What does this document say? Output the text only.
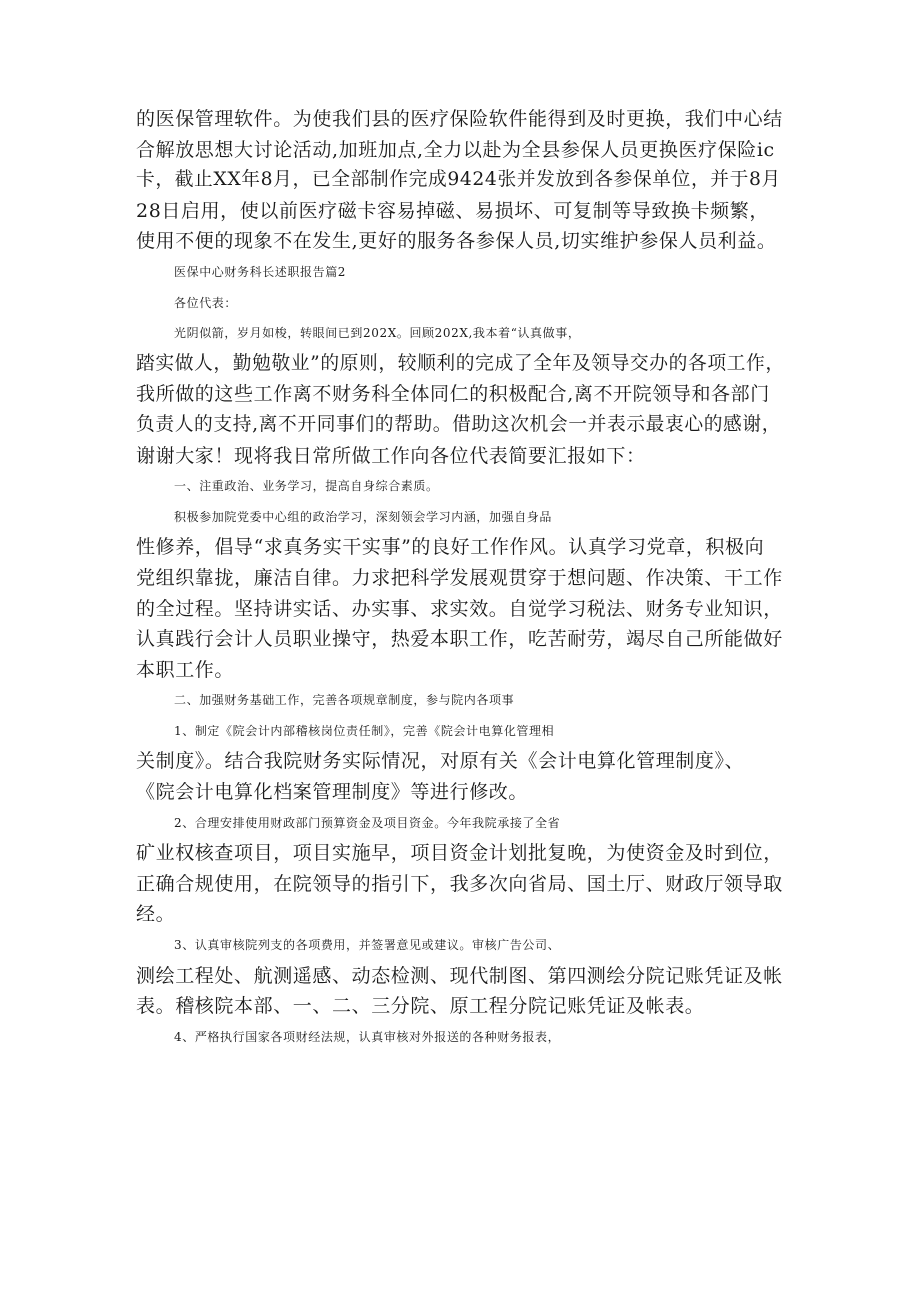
的医保管理软件。为使我们县的医疗保险软件能得到及时更换，我们中心结
合解放思想大讨论活动,加班加点,全力以赴为全县参保人员更换医疗保险ic
卡，截止XX年8月，已全部制作完成9424张并发放到各参保单位，并于8月
28日启用，使以前医疗磁卡容易掉磁、易损坏、可复制等导致换卡频繁，
使用不便的现象不在发生,更好的服务各参保人员,切实维护参保人员利益。
医保中心财务科长述职报告篇2
各位代表：
光阴似箭，岁月如梭，转眼间已到202X。回顾202X,我本着“认真做事，
踏实做人，勤勉敬业”的原则，较顺利的完成了全年及领导交办的各项工作，
我所做的这些工作离不财务科全体同仁的积极配合,离不开院领导和各部门
负责人的支持,离不开同事们的帮助。借助这次机会一并表示最衷心的感谢，
谢谢大家！现将我日常所做工作向各位代表简要汇报如下：
一、注重政治、业务学习，提高自身综合素质。
积极参加院党委中心组的政治学习，深刻领会学习内涵，加强自身品
性修养，倡导“求真务实干实事”的良好工作作风。认真学习党章，积极向
党组织靠拢，廉洁自律。力求把科学发展观贯穿于想问题、作决策、干工作
的全过程。坚持讲实话、办实事、求实效。自觉学习税法、财务专业知识，
认真践行会计人员职业操守，热爱本职工作，吃苦耐劳，竭尽自己所能做好
本职工作。
二、加强财务基础工作，完善各项规章制度，参与院内各项事
1、制定《院会计内部稽核岗位责任制》，完善《院会计电算化管理相
关制度》。结合我院财务实际情况，对原有关《会计电算化管理制度》、
《院会计电算化档案管理制度》等进行修改。
2、合理安排使用财政部门预算资金及项目资金。今年我院承接了全省
矿业权核查项目，项目实施早，项目资金计划批复晚，为使资金及时到位，
正确合规使用，在院领导的指引下，我多次向省局、国土厅、财政厅领导取
经。
3、认真审核院列支的各项费用，并签署意见或建议。审核广告公司、
测绘工程处、航测遥感、动态检测、现代制图、第四测绘分院记账凭证及帐
表。稽核院本部、一、二、三分院、原工程分院记账凭证及帐表。
4、严格执行国家各项财经法规，认真审核对外报送的各种财务报表，
